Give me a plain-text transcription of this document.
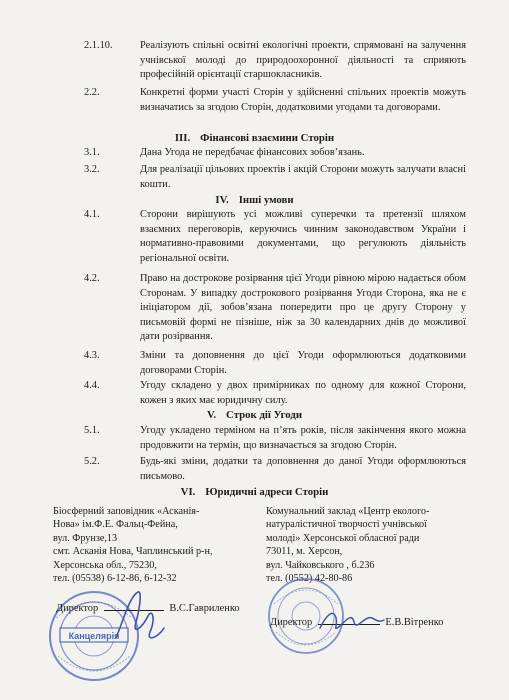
2.1.10.	Реалізують спільні освітні екологічні проекти, спрямовані на залучення учнівської молоді до природоохоронної діяльності та сприяють професійній орієнтації старшокласників.
2.2.	Конкретні форми участі Сторін у здійсненні спільних проектів можуть визначатись за згодою Сторін, додатковими угодами та договорами.
III. Фінансові взаємини Сторін
3.1.	Дана Угода не передбачає фінансових зобов’язань.
3.2.	Для реалізації цільових проектів і акцій Сторони можуть залучати власні кошти.
IV. Інші умови
4.1.	Сторони вирішують усі можливі суперечки та претензії шляхом взаємних переговорів, керуючись чинним законодавством України і нормативно-правовими документами, що регулюють діяльність регіональної освіти.
4.2.	Право на дострокове розірвання цієї Угоди рівною мірою надається обом Сторонам. У випадку дострокового розірвання Угоди Сторона, яка не є ініціатором дії, зобов’язана попередити про це другу Сторону у письмовій формі не пізніше, ніж за 30 календарних днів до можливої дати розірвання.
4.3.	Зміни та доповнення до цієї Угоди оформлюються додатковими договорами Сторін.
4.4.	Угоду складено у двох примірниках по одному для кожної Сторони, кожен з яких має юридичну силу.
V. Строк дії Угоди
5.1.	Угоду укладено терміном на п’ять років, після закінчення якого можна продовжити на термін, що визначається за згодою Сторін.
5.2.	Будь-які зміни, додатки та доповнення до даної Угоди оформлюються письмово.
VI. Юридичні адреси Сторін
Біосферний заповідник «Асканія-
Нова» ім.Ф.Е. Фальц-Фейна,
вул. Фрунзе,13
смт. Асканія Нова, Чаплинський р-н,
Херсонська обл., 75230,
тел. (05538) 6-12-86, 6-12-32
Комунальний заклад «Центр еколого-
натуралістичної творчості учнівської
молоді» Херсонської обласної ради
73011, м. Херсон,
вул. Чайковського , б.236
тел. (0552) 42-80-86
Канцелярія
Директор	В.С.Гавриленко
Директор	Е.В.Вітренко
